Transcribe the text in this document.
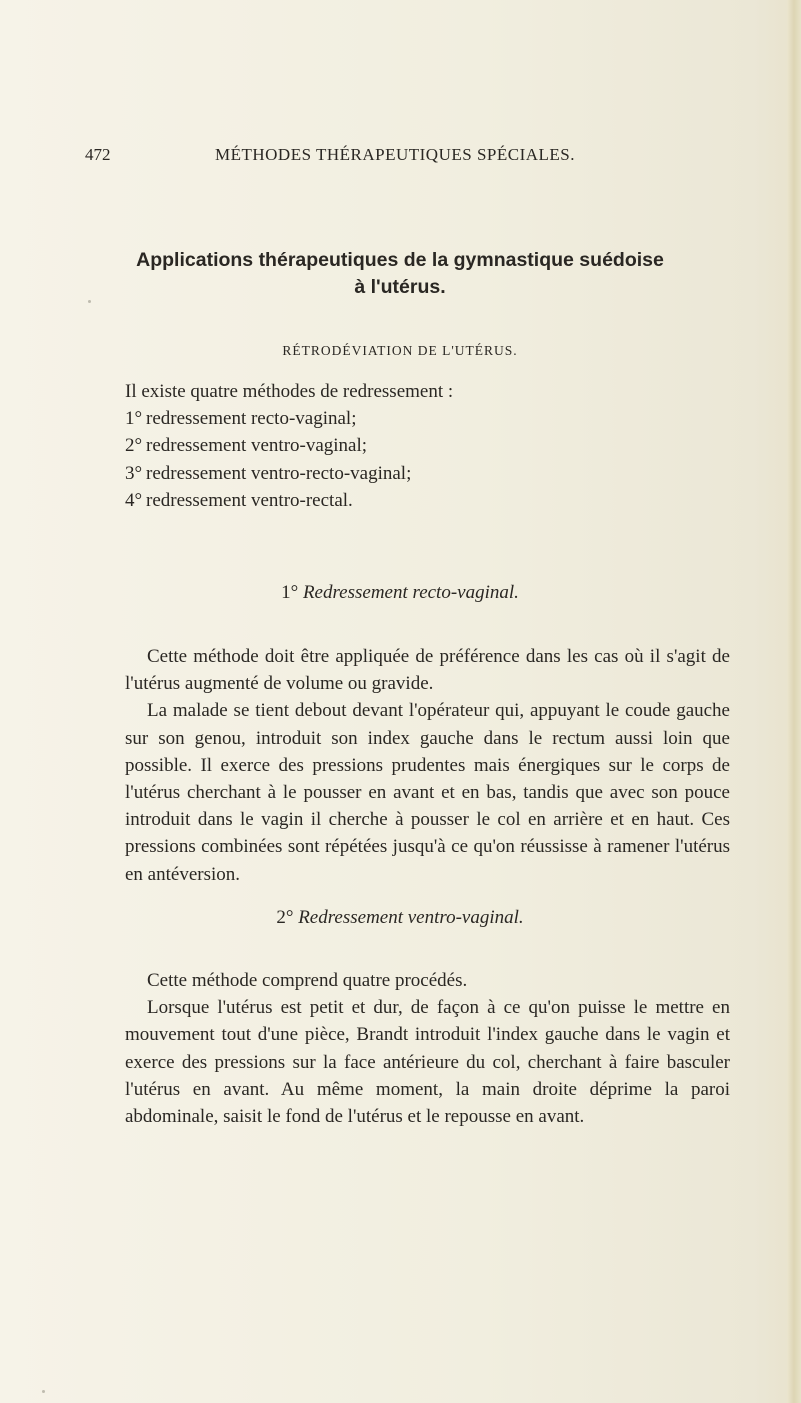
472	MÉTHODES THÉRAPEUTIQUES SPÉCIALES.
Applications thérapeutiques de la gymnastique suédoise
à l'utérus.
RÉTRODÉVIATION DE L'UTÉRUS.

Il existe quatre méthodes de redressement :

1° redressement recto-vaginal;
2° redressement ventro-vaginal;
3° redressement ventro-recto-vaginal;
4° redressement ventro-rectal.
1° Redressement recto-vaginal.

Cette méthode doit être appliquée de préférence dans les cas où il s'agit de l'utérus augmenté de volume ou gravide.

La malade se tient debout devant l'opérateur qui, appuyant le coude gauche sur son genou, introduit son index gauche dans le rectum aussi loin que possible. Il exerce des pressions prudentes mais énergiques sur le corps de l'utérus cherchant à le pousser en avant et en bas, tandis que avec son pouce introduit dans le vagin il cherche à pousser le col en arrière et en haut. Ces pressions combinées sont répétées jusqu'à ce qu'on réussisse à ramener l'utérus en antéversion.

2° Redressement ventro-vaginal.

Cette méthode comprend quatre procédés.

Lorsque l'utérus est petit et dur, de façon à ce qu'on puisse le mettre en mouvement tout d'une pièce, Brandt introduit l'index gauche dans le vagin et exerce des pressions sur la face antérieure du col, cherchant à faire basculer l'utérus en avant. Au même moment, la main droite déprime la paroi abdominale, saisit le fond de l'utérus et le repousse en avant.
